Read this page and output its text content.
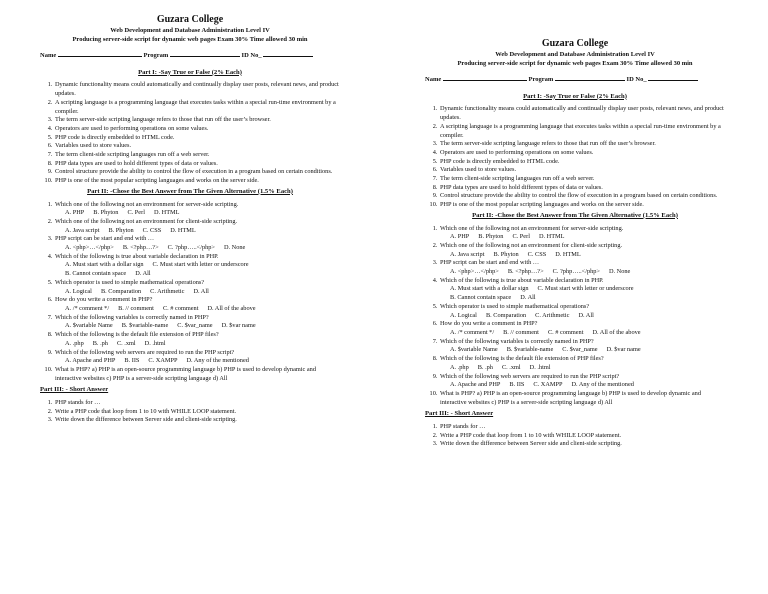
Guzara College
Web Development and Database Administration Level IV
Producing server-side script for dynamic web pages Exam 30% Time allowed 30 min
Name	Program	ID No_
Part I: -Say True or False (2% Each)
1. Dynamic functionality means could automatically and continually display user posts, relevant news, and product updates.
2. A scripting language is a programming language that executes tasks within a special run-time environment by a compiler.
3. The term server-side scripting language refers to those that run off the user’s browser.
4. Operators are used to performing operations on some values.
5. PHP code is directly embedded to HTML code.
6. Variables used to store values.
7. The term client-side scripting languages run off a web server.
8. PHP data types are used to hold different types of data or values.
9. Control structure provide the ability to control the flow of execution in a program based on certain conditions.
10. PHP is one of the most popular scripting languages and works on the server side.
Part II: -Chose the Best Answer from The Given Alternative (1.5% Each)
1. Which one of the following not an environment for server-side scripting.
A. PHP B. Phyton C. Perl D. HTML
2. Which one of the following not an environment for client-side scripting.
A. Java script B. Phyton C. CSS D. HTML
3. PHP script can be start and end with …
A. <php>…</php> B. <?php…?> C. ?php…..</php> D. None
4. Which of the following is true about variable declaration in PHP.
A. Must start with a dollar sign C. Must start with letter or underscore
B. Cannot contain space D. All
5. Which operator is used to simple mathematical operations?
A. Logical B. Comparation C. Arithmetic D. All
6. How do you write a comment in PHP?
A. /* comment */ B. // comment C. # comment D. All of the above
7. Which of the following variables is correctly named in PHP?
A. $variable Name B. $variable-name C. $var_name D. $var name
8. Which of the following is the default file extension of PHP files?
A. .php B. .ph C. .xml D. .html
9. Which of the following web servers are required to run the PHP script?
A. Apache and PHP B. IIS C. XAMPP D. Any of the mentioned
10. What is PHP? a) PHP is an open-source programming language b) PHP is used to develop dynamic and interactive websites c) PHP is a server-side scripting language d) All
Part III: - Short Answer
1. PHP stands for …
2. Write a PHP code that loop from 1 to 10 with WHILE LOOP statement.
3. Write down the difference between Server side and client-side scripting.
Guzara College
Web Development and Database Administration Level IV
Producing server-side script for dynamic web pages Exam 30% Time allowed 30 min
Name	Program	ID No_
Part I: -Say True or False (2% Each)
1. Dynamic functionality means could automatically and continually display user posts, relevant news, and product updates.
2. A scripting language is a programming language that executes tasks within a special run-time environment by a compiler.
3. The term server-side scripting language refers to those that run off the user’s browser.
4. Operators are used to performing operations on some values.
5. PHP code is directly embedded to HTML code.
6. Variables used to store values.
7. The term client-side scripting languages run off a web server.
8. PHP data types are used to hold different types of data or values.
9. Control structure provide the ability to control the flow of execution in a program based on certain conditions.
10. PHP is one of the most popular scripting languages and works on the server side.
Part II: -Chose the Best Answer from The Given Alternative (1.5% Each)
1. Which one of the following not an environment for server-side scripting.
A. PHP B. Phyton C. Perl D. HTML
2. Which one of the following not an environment for client-side scripting.
A. Java script B. Phyton C. CSS D. HTML
3. PHP script can be start and end with …
A. <php>…</php> B. <?php…?> C. ?php…..</php> D. None
4. Which of the following is true about variable declaration in PHP.
A. Must start with a dollar sign C. Must start with letter or underscore
B. Cannot contain space D. All
5. Which operator is used to simple mathematical operations?
A. Logical B. Comparation C. Arithmetic D. All
6. How do you write a comment in PHP?
A. /* comment */ B. // comment C. # comment D. All of the above
7. Which of the following variables is correctly named in PHP?
A. $variable Name B. $variable-name C. $var_name D. $var name
8. Which of the following is the default file extension of PHP files?
A. .php B. .ph C. .xml D. .html
9. Which of the following web servers are required to run the PHP script?
A. Apache and PHP B. IIS C. XAMPP D. Any of the mentioned
10. What is PHP? a) PHP is an open-source programming language b) PHP is used to develop dynamic and interactive websites c) PHP is a server-side scripting language d) All
Part III: - Short Answer
1. PHP stands for …
2. Write a PHP code that loop from 1 to 10 with WHILE LOOP statement.
3. Write down the difference between Server side and client-side scripting.
